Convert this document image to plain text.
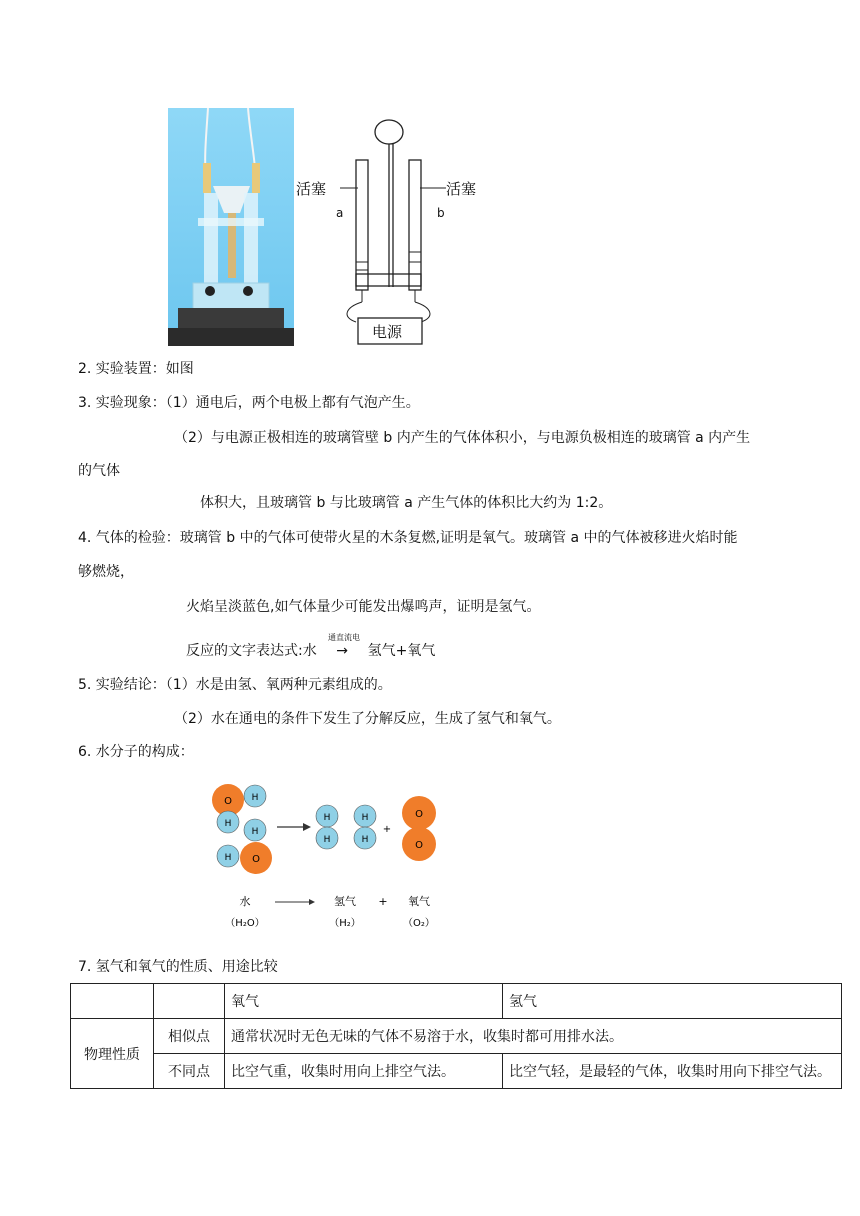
活塞	活塞
a	b
电源
2. 实验装置：如图
3. 实验现象：（1）通电后，两个电极上都有气泡产生。
（2）与电源正极相连的玻璃管壁 b 内产生的气体体积小，与电源负极相连的玻璃管 a 内产生
的气体
体积大，且玻璃管 b 与比玻璃管 a 产生气体的体积比大约为 1:2。
4. 气体的检验：玻璃管 b 中的气体可使带火星的木条复燃,证明是氧气。玻璃管 a 中的气体被移进火焰时能
够燃烧，
火焰呈淡蓝色,如气体量少可能发出爆鸣声，证明是氢气。
通直流电
反应的文字表达式:水 → 氢气+氧气
5. 实验结论：（1）水是由氢、氧两种元素组成的。
（2）水在通电的条件下发生了分解反应，生成了氢气和氧气。
6. 水分子的构成：
O H
H
H
H O
H
H
H
H
+
O
O
水	氢气 + 氧气
（H₂O）	（H₂）	（O₂）
7. 氢气和氧气的性质、用途比较
		氧气	氢气
物理性质	相似点	通常状况时无色无味的气体不易溶于水，收集时都可用排水法。	
	不同点	比空气重，收集时用向上排空气法。	比空气轻，是最轻的气体，收集时用向下排空气法。
